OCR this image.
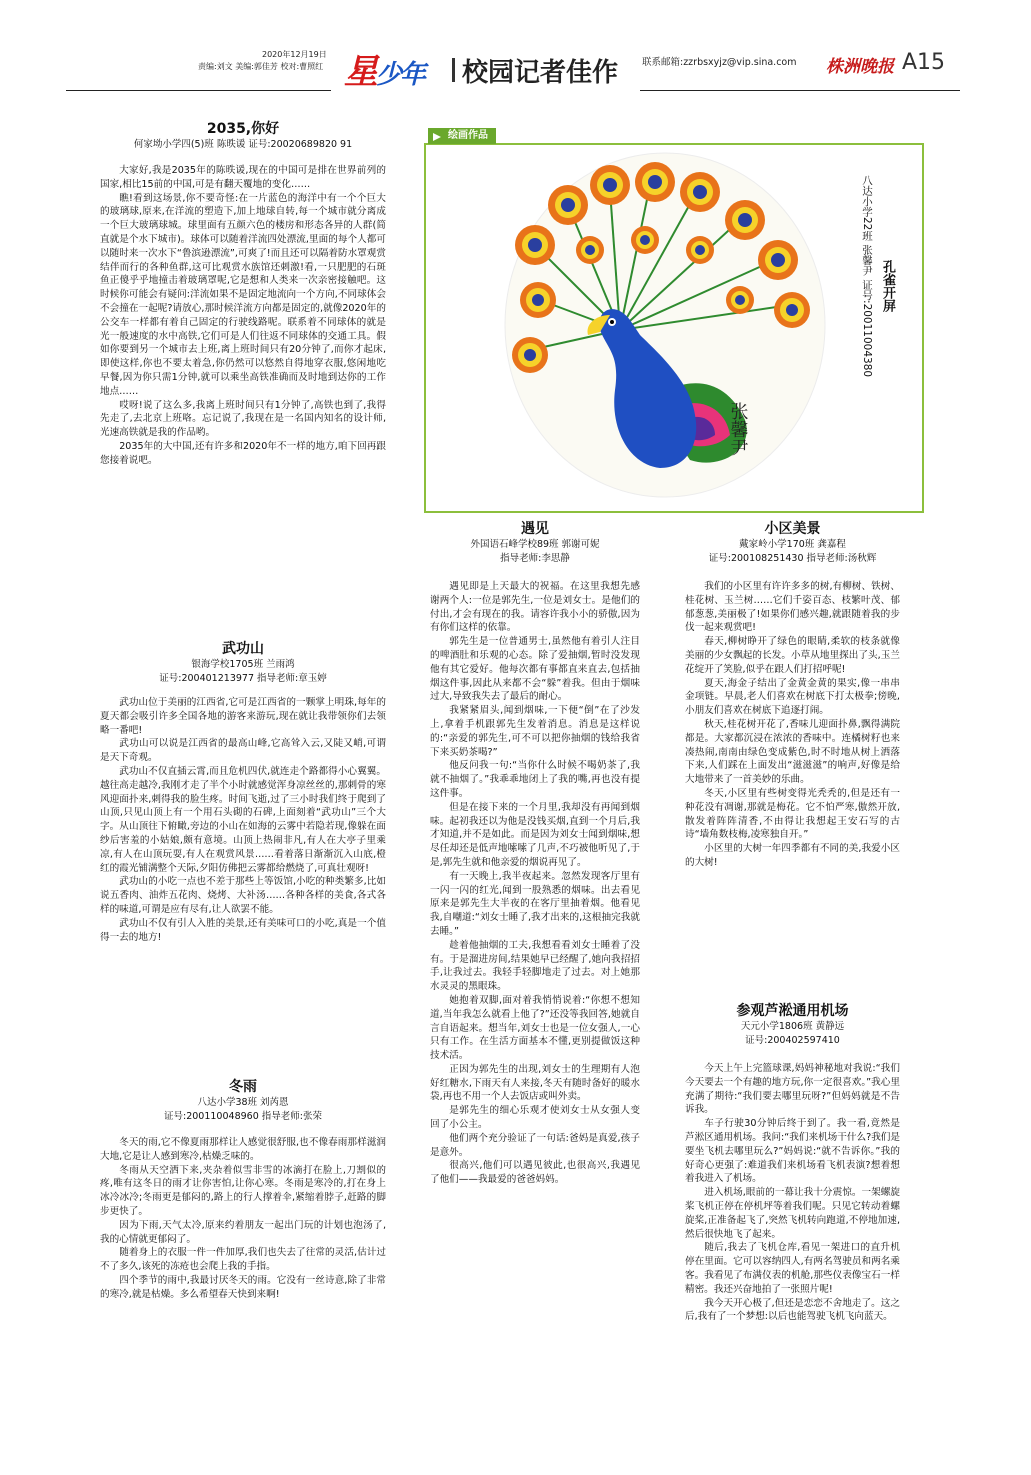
2020年12月19日
责编:刘文 美编:郭佳芳 校对:曹照红 星少年 校园记者佳作	联系邮箱:zzrbsxyjz@vip.sina.com 株洲晚报 A15
2035,你好
何家坳小学四(5)班 陈昳谖 证号:20020689820 91

大家好,我是2035年的陈昳谖,现在的中国可是排在世界前列的国家,相比15前的中国,可是有翻天覆地的变化……

瞧!看到这场景,你不要奇怪:在一片蓝色的海洋中有一个个巨大的玻璃球,原来,在洋流的塑造下,加上地球自转,每一个城市就分离成一个巨大玻璃球城。球里面有五颜六色的楼房和形态各异的人群(简直就是个水下城市)。球体可以随着洋流四处漂流,里面的每个人都可以随时来一次水下“鲁滨逊漂流”,可爽了!而且还可以隔着防水罩观赏结伴而行的各种鱼群,这可比观赏水族馆还刺激!看,一只肥肥的石斑鱼正傻乎乎地撞击着玻璃罩呢,它是想和人类来一次亲密接触吧。这时候你可能会有疑问:洋流如果不是固定地流向一个方向,不同球体会不会撞在一起呢?请放心,那时候洋流方向都是固定的,就像2020年的公交车一样都有着自己固定的行驶线路呢。联系着不同球体的就是光一般速度的水中高铁,它们可是人们往返不同球体的交通工具。假如你要到另一个城市去上班,离上班时间只有20分钟了,而你才起床,即使这样,你也不要太着急,你仍然可以悠然自得地穿衣服,悠闲地吃早餐,因为你只需1分钟,就可以乘坐高铁准确而及时地到达你的工作地点……

哎呀!说了这么多,我离上班时间只有1分钟了,高铁也到了,我得先走了,去北京上班咯。忘记说了,我现在是一名国内知名的设计师,光速高铁就是我的作品哟。

2035年的大中国,还有许多和2020年不一样的地方,咱下回再跟您接着说吧。

武功山
银海学校1705班 兰雨鸿
证号:200401213977 指导老师:章玉婷

武功山位于美丽的江西省,它可是江西省的一颗掌上明珠,每年的夏天都会吸引许多全国各地的游客来游玩,现在就让我带领你们去领略一番吧!

武功山可以说是江西省的最高山峰,它高耸入云,又陡又峭,可谓是天下奇观。

武功山不仅直插云霄,而且危机四伏,就连走个路都得小心翼翼。越往高走越冷,我刚才走了半个小时就感觉浑身凉丝丝的,那刺骨的寒风迎面扑来,刺得我的脸生疼。时间飞逝,过了三小时我们终于爬到了山顶,只见山顶上有一个用石头砌的石碑,上面刻着“武功山”三个大字。从山顶往下俯瞰,旁边的小山在如海的云雾中若隐若现,像躲在面纱后害羞的小姑娘,颇有意境。山顶上热闹非凡,有人在大亭子里乘凉,有人在山顶玩耍,有人在观赏风景……看着落日渐渐沉入山底,橙红的霞光铺满整个天际,夕阳仿佛把云雾都给燃烧了,可真壮观呀!

武功山的小吃一点也不差于那些上等饭馆,小吃的种类繁多,比如说五香肉、油炸五花肉、烧烤、大补汤……各种各样的美食,各式各样的味道,可谓是应有尽有,让人欲罢不能。

武功山不仅有引人入胜的美景,还有美味可口的小吃,真是一个值得一去的地方!

冬雨
八达小学38班 刘芮恩
证号:200110048960 指导老师:张荣

冬天的雨,它不像夏雨那样让人感觉很舒服,也不像春雨那样滋润大地,它是让人感到寒冷,枯燥乏味的。

冬雨从天空洒下来,夹杂着似雪非雪的冰滴打在脸上,刀割似的疼,唯有这冬日的雨才让你害怕,让你心寒。冬雨是寒冷的,打在身上冰冷冰冷;冬雨更是郁闷的,路上的行人撑着伞,紧缩着脖子,赶路的脚步更快了。

因为下雨,天气太冷,原来约着朋友一起出门玩的计划也泡汤了,我的心情就更郁闷了。

随着身上的衣服一件一件加厚,我们也失去了往常的灵活,估计过不了多久,该死的冻疮也会爬上我的手指。

四个季节的雨中,我最讨厌冬天的雨。它没有一丝诗意,除了非常的寒冷,就是枯燥。多么希望春天快到来啊!

绘画作品
张馨尹
八达小学22班 张馨尹 证号:20011004380 孔雀开屏
遇见
外国语石峰学校89班 郭谢可妮
指导老师:李思静

遇见即是上天最大的祝福。在这里我想先感谢两个人:一位是郭先生,一位是刘女士。是他们的付出,才会有现在的我。请容许我小小的骄傲,因为有你们这样的依靠。

郭先生是一位普通男士,虽然他有着引人注目的啤酒肚和乐观的心态。除了爱抽烟,暂时没发现他有其它爱好。他每次都有事都直来直去,包括抽烟这件事,因此从来都不会“躲”着我。但由于烟味过大,导致我失去了最后的耐心。

我紧紧眉头,闻到烟味,一下便“倒”在了沙发上,拿着手机跟郭先生发着消息。消息是这样说的:“亲爱的郭先生,可不可以把你抽烟的钱给我省下来买奶茶喝?”

他反问我一句:“当你什么时候不喝奶茶了,我就不抽烟了。”我乖乖地闭上了我的嘴,再也没有提这件事。

但是在接下来的一个月里,我却没有再闻到烟味。起初我还以为他是没钱买烟,直到一个月后,我才知道,并不是如此。而是因为刘女士闻到烟味,想尽任却还是低声地嗦嗦了几声,不巧被他听见了,于是,郭先生就和他亲爱的烟说再见了。

有一天晚上,我半夜起来。忽然发现客厅里有一闪一闪的红光,闻到一股熟悉的烟味。出去看见原来是郭先生大半夜的在客厅里抽着烟。他看见我,自嘲道:“刘女士睡了,我才出来的,这根抽完我就去睡。”

趁着他抽烟的工夫,我想看看刘女士睡着了没有。于是溜进房间,结果她早已经醒了,她向我招招手,让我过去。我轻手轻脚地走了过去。对上她那水灵灵的黑眼珠。

她抱着双脚,面对着我悄悄说着:“你想不想知道,当年我怎么就看上他了?”还没等我回答,她就自言自语起来。想当年,刘女士也是一位女强人,一心只有工作。在生活方面基本不懂,更别提做饭这种技术活。

正因为郭先生的出现,刘女士的生理期有人泡好红糖水,下雨天有人来接,冬天有随时备好的暖水袋,再也不用一个人去饭店或叫外卖。

是郭先生的细心乐观才使刘女士从女强人变回了小公主。

他们两个充分验证了一句话:爸妈是真爱,孩子是意外。

很高兴,他们可以遇见彼此,也很高兴,我遇见了他们——我最爱的爸爸妈妈。

小区美景
戴家岭小学170班 龚嘉程
证号:200108251430 指导老师:汤秋辉

我们的小区里有许许多多的树,有柳树、铁树、桂花树、玉兰树……它们千姿百态、枝繁叶茂、郁郁葱葱,美丽极了!如果你们感兴趣,就跟随着我的步伐一起来观赏吧!

春天,柳树睁开了绿色的眼睛,柔软的枝条就像美丽的少女飘起的长发。小草从地里探出了头,玉兰花绽开了笑脸,似乎在跟人们打招呼呢!

夏天,海金子结出了金黄金黄的果实,像一串串金项链。早晨,老人们喜欢在树底下打太极拳;傍晚,小朋友们喜欢在树底下追逐打闹。

秋天,桂花树开花了,香味儿迎面扑鼻,飘得满院都是。大家都沉浸在浓浓的香味中。连橘树籽也来凑热闹,南南由绿色变成紫色,时不时地从树上洒落下来,人们踩在上面发出“滋滋滋”的响声,好像是给大地带来了一首美妙的乐曲。

冬天,小区里有些树变得光秃秃的,但是还有一种花没有凋谢,那就是梅花。它不怕严寒,傲然开放,散发着阵阵清香,不由得让我想起王安石写的古诗“墙角数枝梅,凌寒独自开。”

小区里的大树一年四季都有不同的美,我爱小区的大树!

参观芦淞通用机场
天元小学1806班 黄静远
证号:200402597410

今天上午上完篮球课,妈妈神秘地对我说:“我们今天要去一个有趣的地方玩,你一定很喜欢。”我心里充满了期待:“我们要去哪里玩呀?”但妈妈就是不告诉我。

车子行驶30分钟后终于到了。我一看,竟然是芦淞区通用机场。我问:“我们来机场干什么?我们是要坐飞机去哪里玩么?”妈妈说:“就不告诉你。”我的好奇心更强了:难道我们来机场看飞机表演?想着想着我进入了机场。

进入机场,眼前的一幕让我十分震惊。一架螺旋桨飞机正停在停机坪等着我们呢。只见它转动着螺旋桨,正准备起飞了,突然飞机转向跑道,不停地加速,然后很快地飞了起来。

随后,我去了飞机仓库,看见一架进口的直升机停在里面。它可以容纳四人,有两名驾驶员和两名乘客。我看见了布满仪表的机舱,那些仪表像宝石一样精密。我还兴奋地拍了一张照片呢!

我今天开心极了,但还是恋恋不舍地走了。这之后,我有了一个梦想:以后也能驾驶飞机飞向蓝天。
